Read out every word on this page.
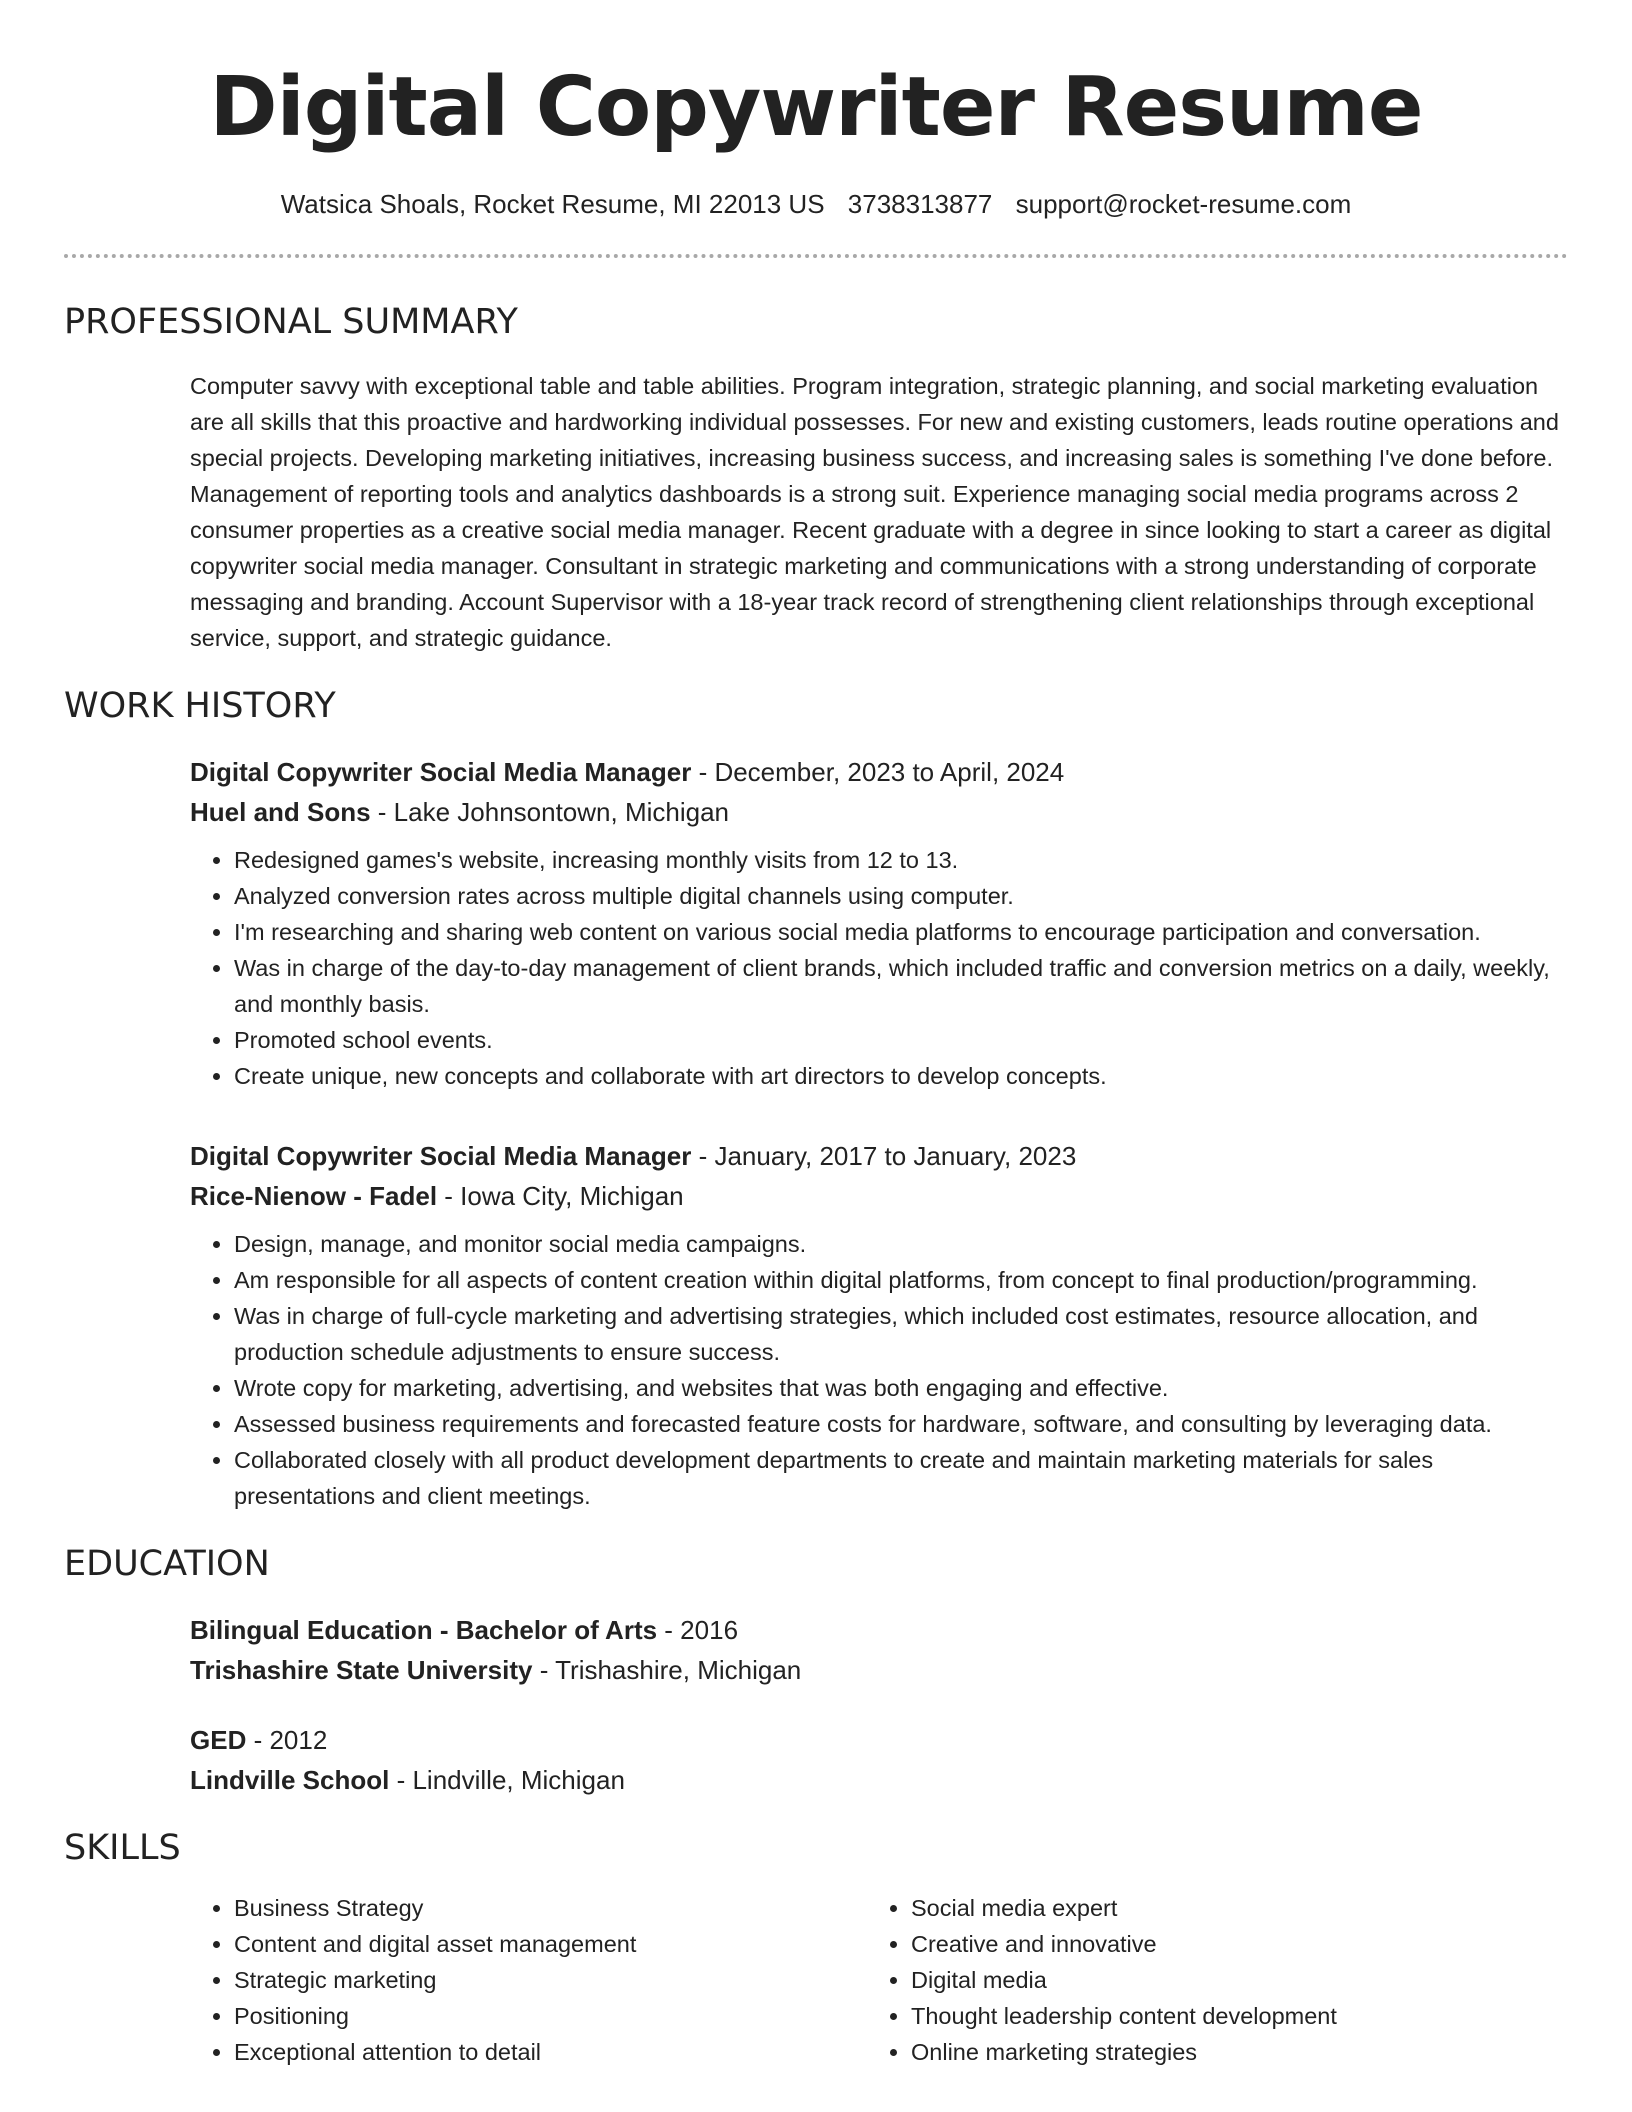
Digital Copywriter Resume
Watsica Shoals, Rocket Resume, MI 22013 US 3738313877 support@rocket-resume.com
PROFESSIONAL SUMMARY
Computer savvy with exceptional table and table abilities. Program integration, strategic planning, and social marketing evaluation are all skills that this proactive and hardworking individual possesses. For new and existing customers, leads routine operations and special projects. Developing marketing initiatives, increasing business success, and increasing sales is something I've done before. Management of reporting tools and analytics dashboards is a strong suit. Experience managing social media programs across 2 consumer properties as a creative social media manager. Recent graduate with a degree in since looking to start a career as digital copywriter social media manager. Consultant in strategic marketing and communications with a strong understanding of corporate messaging and branding. Account Supervisor with a 18-year track record of strengthening client relationships through exceptional service, support, and strategic guidance.
WORK HISTORY
Digital Copywriter Social Media Manager - December, 2023 to April, 2024
Huel and Sons - Lake Johnsontown, Michigan
• Redesigned games's website, increasing monthly visits from 12 to 13.
• Analyzed conversion rates across multiple digital channels using computer.
• I'm researching and sharing web content on various social media platforms to encourage participation and conversation.
• Was in charge of the day-to-day management of client brands, which included traffic and conversion metrics on a daily, weekly, and monthly basis.
• Promoted school events.
• Create unique, new concepts and collaborate with art directors to develop concepts.
Digital Copywriter Social Media Manager - January, 2017 to January, 2023
Rice-Nienow - Fadel - Iowa City, Michigan
• Design, manage, and monitor social media campaigns.
• Am responsible for all aspects of content creation within digital platforms, from concept to final production/programming.
• Was in charge of full-cycle marketing and advertising strategies, which included cost estimates, resource allocation, and production schedule adjustments to ensure success.
• Wrote copy for marketing, advertising, and websites that was both engaging and effective.
• Assessed business requirements and forecasted feature costs for hardware, software, and consulting by leveraging data.
• Collaborated closely with all product development departments to create and maintain marketing materials for sales presentations and client meetings.
EDUCATION
Bilingual Education - Bachelor of Arts - 2016
Trishashire State University - Trishashire, Michigan
GED - 2012
Lindville School - Lindville, Michigan
SKILLS
• Business Strategy
• Content and digital asset management
• Strategic marketing
• Positioning
• Exceptional attention to detail
• Social media expert
• Creative and innovative
• Digital media
• Thought leadership content development
• Online marketing strategies
